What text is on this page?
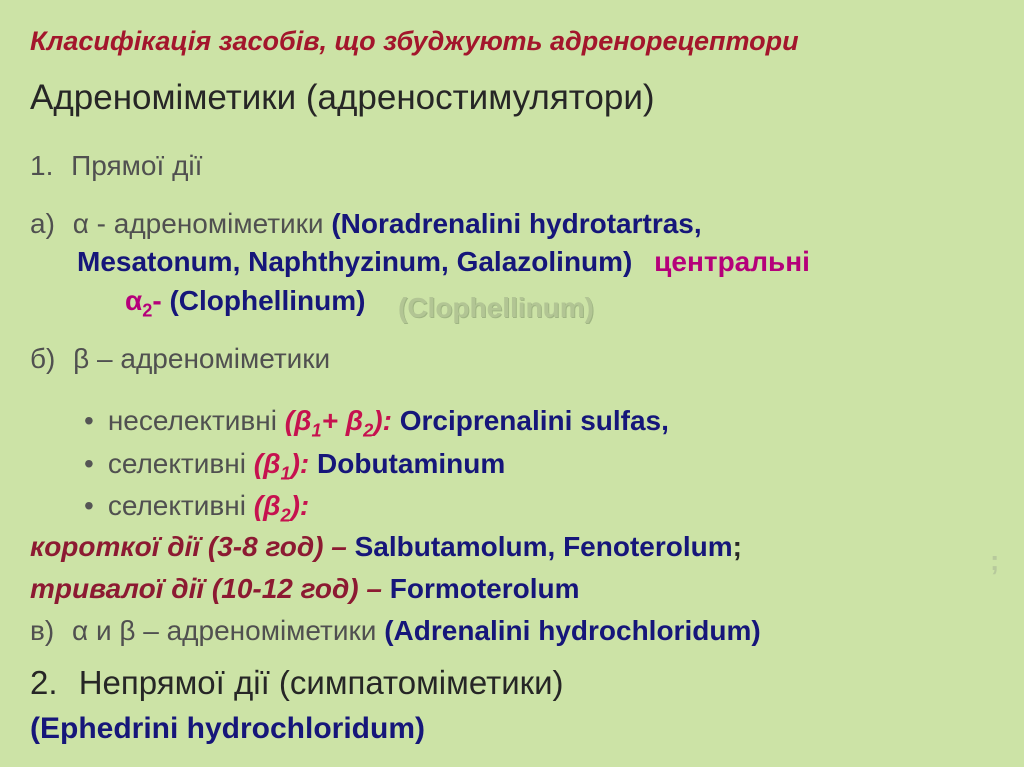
Класифікація засобів, що збуджують адренорецептори
Адреноміметики (адреностимулятори)
1. Прямої дії
а) α - адреноміметики (Noradrenalini hydrotartras,
Mesatonum, Naphthyzinum, Galazolinum) центральні
(Clophellinum)
$\alpha_2-$ (Clophellinum)
б) β – адреноміметики
• неселективні $(\beta_1+ \beta_2)$: Orciprenalini sulfas,
• селективні $(\beta_1)$: Dobutaminum
• селективні $(\beta_2)$:
короткої дії (3-8 год) – Salbutamolum, Fenoterolum;	;
тривалої дії (10-12 год) – Formoterolum
в) α и β – адреноміметики (Adrenalini hydrochloridum)
2. Непрямої дії (симпатоміметики)
(Ephedrini hydrochloridum)
